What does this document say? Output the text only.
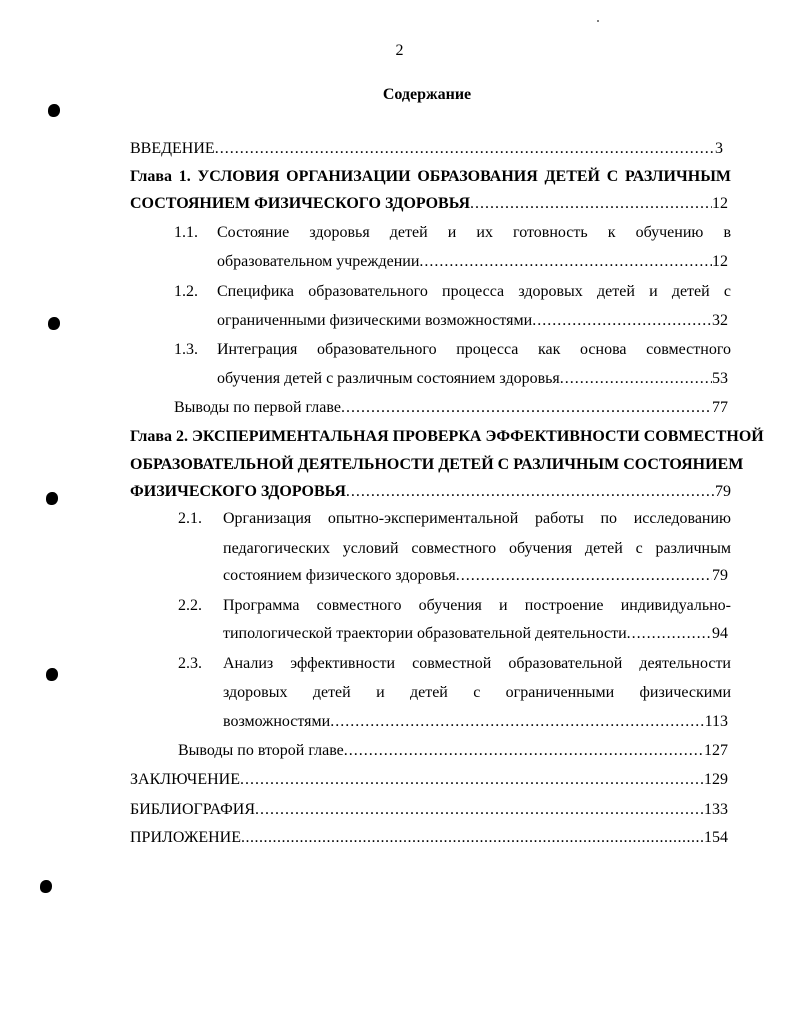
2
Содержание
ВВЕДЕНИЕ .....	3
Глава 1. УСЛОВИЯ ОРГАНИЗАЦИИ ОБРАЗОВАНИЯ ДЕТЕЙ С РАЗЛИЧНЫМ
СОСТОЯНИЕМ ФИЗИЧЕСКОГО ЗДОРОВЬЯ .....	12
1.1. Состояние здоровья детей и их готовность к обучению в
образовательном учреждении .....	12
1.2. Специфика образовательного процесса здоровых детей и детей с
ограниченными физическими возможностями .....	32
1.3. Интеграция образовательного процесса как основа совместного
обучения детей с различным состоянием здоровья .....	53
Выводы по первой главе .....	77
Глава 2. ЭКСПЕРИМЕНТАЛЬНАЯ ПРОВЕРКА ЭФФЕКТИВНОСТИ СОВМЕСТНОЙ
ОБРАЗОВАТЕЛЬНОЙ ДЕЯТЕЛЬНОСТИ ДЕТЕЙ С РАЗЛИЧНЫМ СОСТОЯНИЕМ
ФИЗИЧЕСКОГО ЗДОРОВЬЯ .....	79
2.1. Организация опытно-экспериментальной работы по исследованию
педагогических условий совместного обучения детей с различным
состоянием физического здоровья .....	79
2.2. Программа совместного обучения и построение индивидуально-
типологической траектории образовательной деятельности .....	94
2.3. Анализ эффективности совместной образовательной деятельности
здоровых детей и детей с ограниченными физическими
возможностями .....	113
Выводы по второй главе .....	127
ЗАКЛЮЧЕНИЕ .....	129
БИБЛИОГРАФИЯ .....	133
ПРИЛОЖЕНИЕ .....	154
